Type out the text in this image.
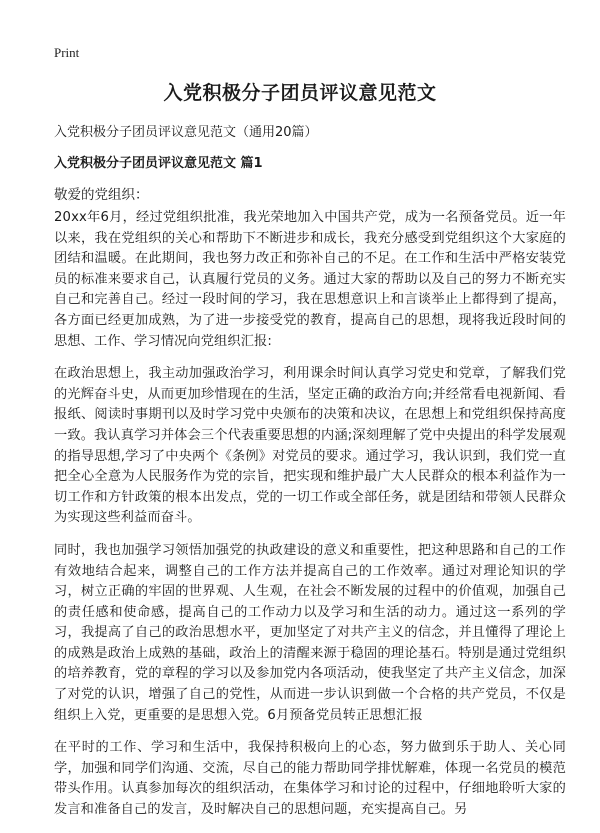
Print
入党积极分子团员评议意见范文

入党积极分子团员评议意见范文（通用20篇）

入党积极分子团员评议意见范文 篇1

敬爱的党组织：

20xx年6月，经过党组织批准，我光荣地加入中国共产党，成为一名预备党员。近一年以来，我在党组织的关心和帮助下不断进步和成长，我充分感受到党组织这个大家庭的团结和温暖。在此期间，我也努力改正和弥补自己的不足。在工作和生活中严格安装党员的标准来要求自己，认真履行党员的义务。通过大家的帮助以及自己的努力不断充实自己和完善自己。经过一段时间的学习，我在思想意识上和言谈举止上都得到了提高，各方面已经更加成熟，为了进一步接受党的教育，提高自己的思想，现将我近段时间的思想、工作、学习情况向党组织汇报:

在政治思想上，我主动加强政治学习，利用课余时间认真学习党史和党章，了解我们党的光辉奋斗史，从而更加珍惜现在的生活，坚定正确的政治方向;并经常看电视新闻、看报纸、阅读时事期刊以及时学习党中央颁布的决策和决议，在思想上和党组织保持高度一致。我认真学习并体会三个代表重要思想的内涵;深刻理解了党中央提出的科学发展观的指导思想,学习了中央两个《条例》对党员的要求。通过学习，我认识到，我们党一直把全心全意为人民服务作为党的宗旨，把实现和维护最广大人民群众的根本利益作为一切工作和方针政策的根本出发点，党的一切工作或全部任务，就是团结和带领人民群众为实现这些利益而奋斗。

同时，我也加强学习领悟加强党的执政建设的意义和重要性，把这种思路和自己的工作有效地结合起来，调整自己的工作方法并提高自己的工作效率。通过对理论知识的学习，树立正确的牢固的世界观、人生观，在社会不断发展的过程中的价值观，加强自己的责任感和使命感，提高自己的工作动力以及学习和生活的动力。通过这一系列的学习，我提高了自己的政治思想水平，更加坚定了对共产主义的信念，并且懂得了理论上的成熟是政治上成熟的基础，政治上的清醒来源于稳固的理论基石。特别是通过党组织的培养教育，党的章程的学习以及参加党内各项活动，使我坚定了共产主义信念，加深了对党的认识，增强了自己的党性，从而进一步认识到做一个合格的共产党员，不仅是组织上入党，更重要的是思想入党。6月预备党员转正思想汇报

在平时的工作、学习和生活中，我保持积极向上的心态，努力做到乐于助人、关心同学，加强和同学们沟通、交流，尽自己的能力帮助同学排忧解难，体现一名党员的模范带头作用。认真参加每次的组织活动，在集体学习和讨论的过程中，仔细地聆听大家的发言和准备自己的发言，及时解决自己的思想问题，充实提高自己。另
